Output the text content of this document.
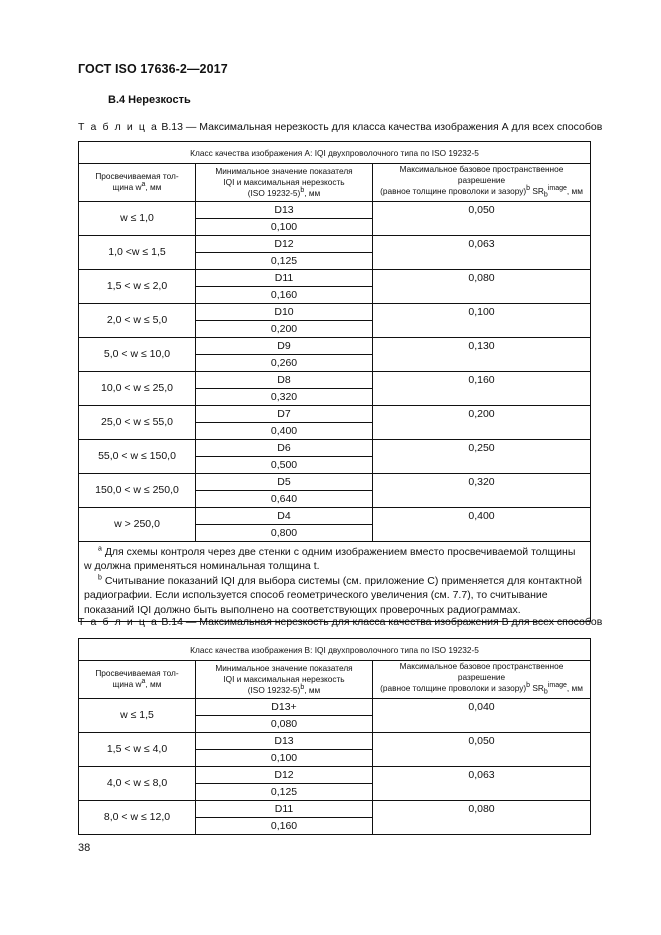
ГОСТ ISO 17636-2—2017
В.4 Нерезкость
Т а б л и ц а В.13 — Максимальная нерезкость для класса качества изображения А для всех способов
Класс качества изображения А: IQI двухпроволочного типа по ISO 19232-5		

Просвечиваемая тол-
щина $w^a$, мм	Минимальное значение показателя
IQI и максимальная нерезкость
(ISO 19232-5)$^b$, мм	Максимальное базовое пространственное разрешение
(равное толщине проволоки и зазору)$^b$ $SR_b^{image}$, мм

w ≤ 1,0	D13	0,050
	0,100	
1,0 <w ≤ 1,5	D12	0,063
	0,125	
1,5 < w ≤ 2,0	D11	0,080
	0,160	
2,0 < w ≤ 5,0	D10	0,100
	0,200	
5,0 < w ≤ 10,0	D9	0,130
	0,260	
10,0 < w ≤ 25,0	D8	0,160
	0,320	
25,0 < w ≤ 55,0	D7	0,200
	0,400	
55,0 < w ≤ 150,0	D6	0,250
	0,500	
150,0 < w ≤ 250,0	D5	0,320
	0,640	
w > 250,0	D4	0,400
	0,800	

$^a$ Для схемы контроля через две стенки с одним изображением вместо просвечиваемой толщины w должна применяться номинальная толщина t.
$^b$ Считывание показаний IQI для выбора системы (см. приложение С) применяется для контактной радиографии. Если используется способ геометрического увеличения (см. 7.7), то считывание показаний IQI должно быть выполнено на соответствующих проверочных радиограммах.		
Т а б л и ц а В.14 — Максимальная нерезкость для класса качества изображения В для всех способов
Класс качества изображения В: IQI двухпроволочного типа по ISO 19232-5		

Просвечиваемая тол-
щина $w^a$, мм	Минимальное значение показателя
IQI и максимальная нерезкость
(ISO 19232-5)$^b$, мм	Максимальное базовое пространственное разрешение
(равное толщине проволоки и зазору)$^b$ $SR_b^{image}$, мм

w ≤ 1,5	D13+	0,040
	0,080	
1,5 < w ≤ 4,0	D13	0,050
	0,100	
4,0 < w ≤ 8,0	D12	0,063
	0,125	
8,0 < w ≤ 12,0	D11	0,080
	0,160	
38
